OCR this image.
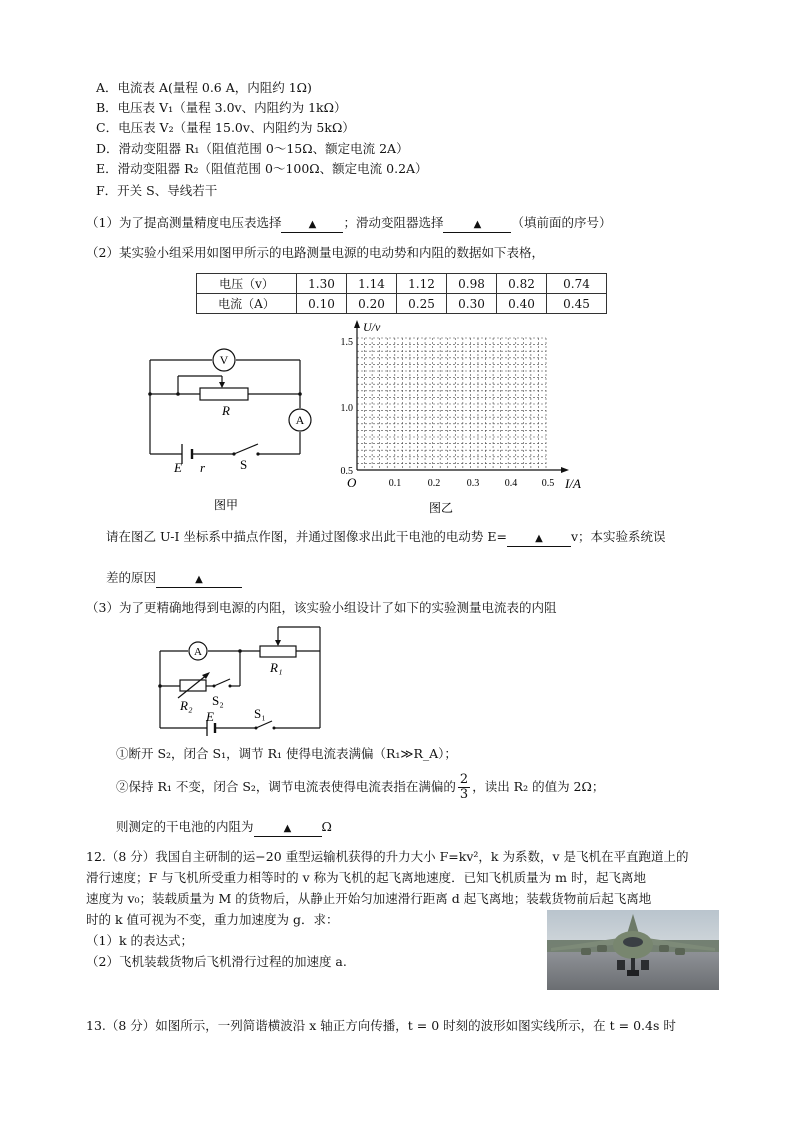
A．电流表 A(量程 0.6 A，内阻约 1Ω)
B．电压表 V₁（量程 3.0v、内阻约为 1kΩ）
C．电压表 V₂（量程 15.0v、内阻约为 5kΩ）
D．滑动变阻器 R₁（阻值范围 0～15Ω、额定电流 2A）
E．滑动变阻器 R₂（阻值范围 0～100Ω、额定电流 0.2A）
F．开关 S、导线若干
（1）为了提高测量精度电压表选择	▲ ；滑动变阻器选择	▲ （填前面的序号）
（2）某实验小组采用如图甲所示的电路测量电源的电动势和内阻的数据如下表格，
电压（v）	1.30	1.14	1.12	0.98	0.82	0.74
电流（A）	0.10	0.20	0.25	0.30	0.40	0.45
V
A
R
E r	S
图甲
U/v
I/A
O
1.5
1.0
0.5
0.1	0.2	0.3	0.4 0.5
图乙
请在图乙 U-I 坐标系中描点作图，并通过图像求出此干电池的电动势 E=	▲ v；本实验系统误
差的原因	▲
（3）为了更精确地得到电源的内阻，该实验小组设计了如下的实验测量电流表的内阻
A
R₁
R₂ S₂
S₁
E
①断开 S₂，闭合 S₁，调节 R₁ 使得电流表满偏（R₁≫R_A）；
②保持 R₁ 不变，闭合 S₂，调节电流表使得电流表指在满偏的 $\frac{2}{3}$ ，读出 R₂ 的值为 2Ω；
则测定的干电池的内阻为	▲ Ω
12.（8 分）我国自主研制的运−20 重型运输机获得的升力大小 F=kv²，k 为系数，v 是飞机在平直跑道上的
滑行速度；F 与飞机所受重力相等时的 v 称为飞机的起飞离地速度．已知飞机质量为 m 时，起飞离地
速度为 v₀；装载质量为 M 的货物后，从静止开始匀加速滑行距离 d 起飞离地；装载货物前后起飞离地
时的 k 值可视为不变，重力加速度为 g．求：
（1）k 的表达式；
（2）飞机装载货物后飞机滑行过程的加速度 a.
13.（8 分）如图所示，一列简谐横波沿 x 轴正方向传播，t = 0 时刻的波形如图实线所示，在 t = 0.4s 时
